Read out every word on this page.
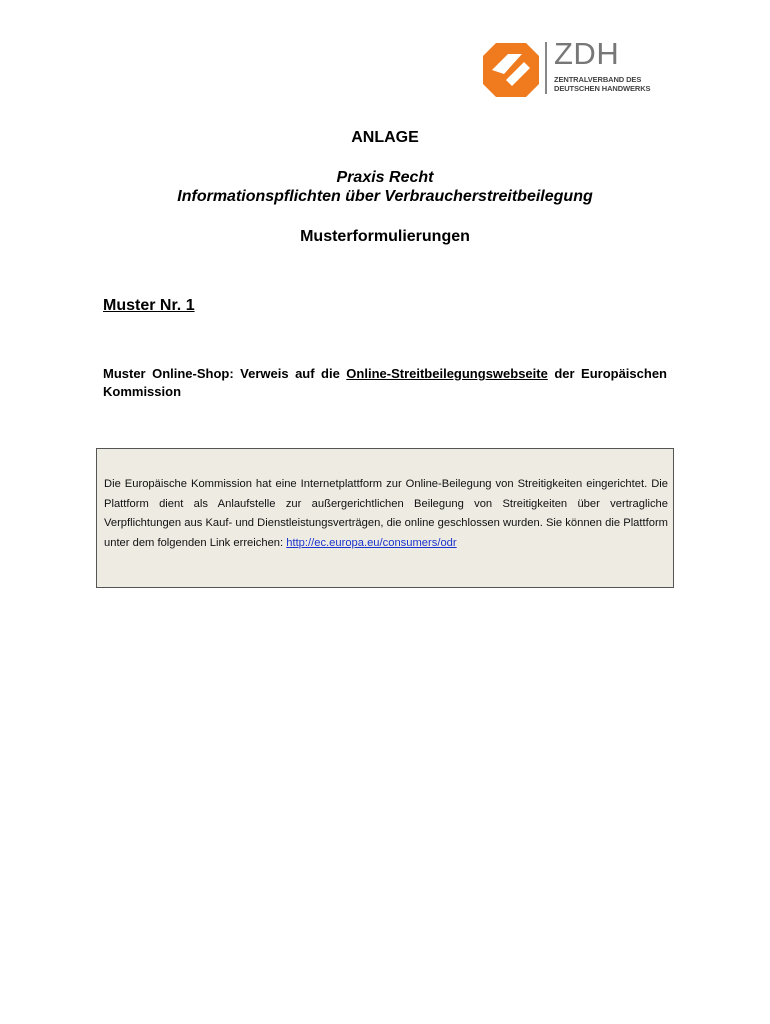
ZDH
ZENTRALVERBAND DES
DEUTSCHEN HANDWERKS
ANLAGE
Praxis Recht
Informationspflichten über Verbraucherstreitbeilegung
Musterformulierungen
Muster Nr. 1
Muster Online-Shop: Verweis auf die Online-Streitbeilegungswebseite der Europäischen Kommission
Die Europäische Kommission hat eine Internetplattform zur Online-Beilegung von Streitigkeiten eingerichtet. Die Plattform dient als Anlaufstelle zur außergerichtlichen Beilegung von Streitigkeiten über vertragliche Verpflichtungen aus Kauf- und Dienstleistungsverträgen, die online geschlossen wurden. Sie können die Plattform unter dem folgenden Link erreichen: http://ec.europa.eu/consumers/odr
